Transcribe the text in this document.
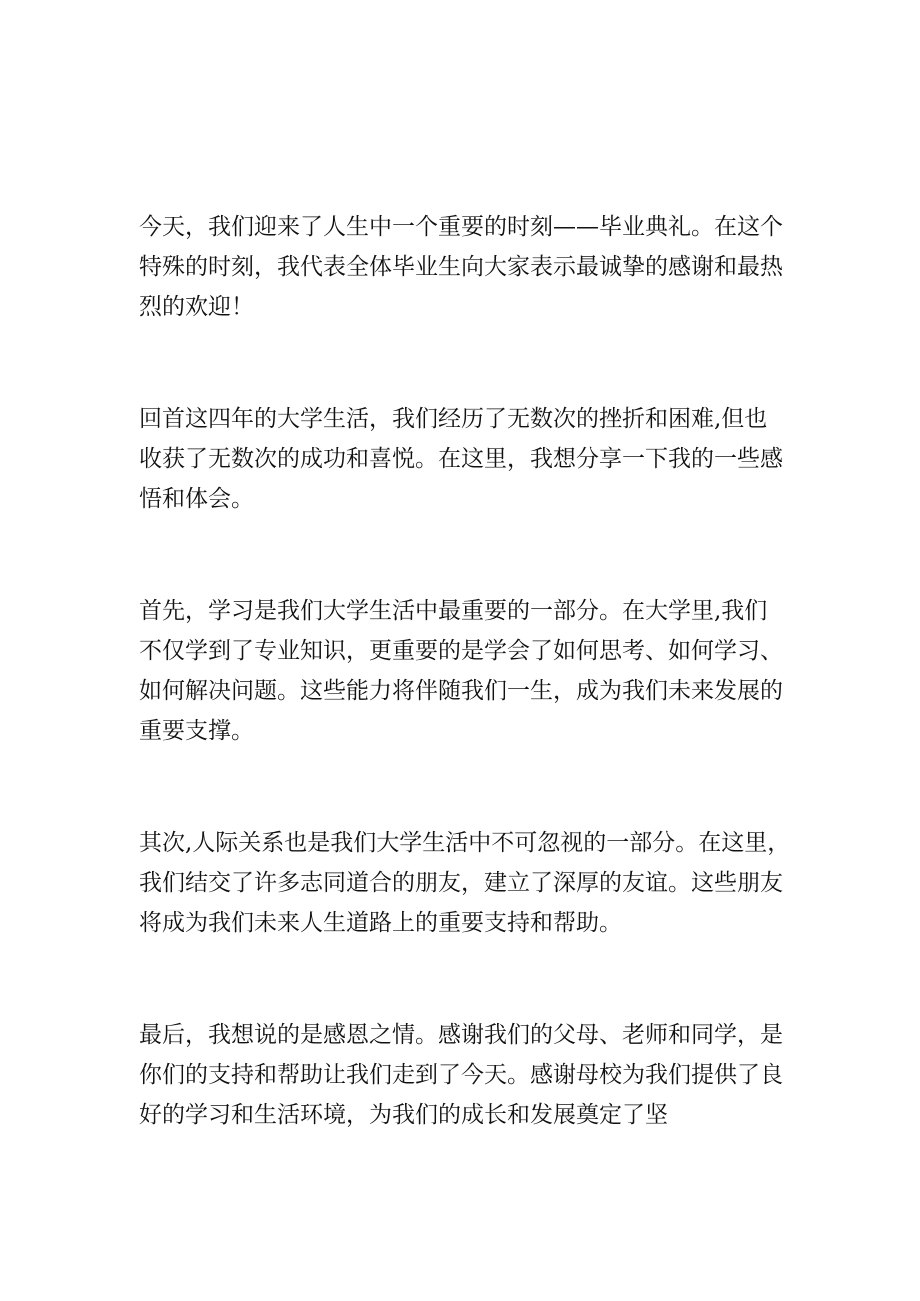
今天，我们迎来了人生中一个重要的时刻——毕业典礼。在这个
特殊的时刻，我代表全体毕业生向大家表示最诚挚的感谢和最热
烈的欢迎！

回首这四年的大学生活，我们经历了无数次的挫折和困难,但也
收获了无数次的成功和喜悦。在这里，我想分享一下我的一些感
悟和体会。

首先，学习是我们大学生活中最重要的一部分。在大学里,我们
不仅学到了专业知识，更重要的是学会了如何思考、如何学习、
如何解决问题。这些能力将伴随我们一生，成为我们未来发展的
重要支撑。

其次,人际关系也是我们大学生活中不可忽视的一部分。在这里，
我们结交了许多志同道合的朋友，建立了深厚的友谊。这些朋友
将成为我们未来人生道路上的重要支持和帮助。

最后，我想说的是感恩之情。感谢我们的父母、老师和同学，是
你们的支持和帮助让我们走到了今天。感谢母校为我们提供了良
好的学习和生活环境，为我们的成长和发展奠定了坚
